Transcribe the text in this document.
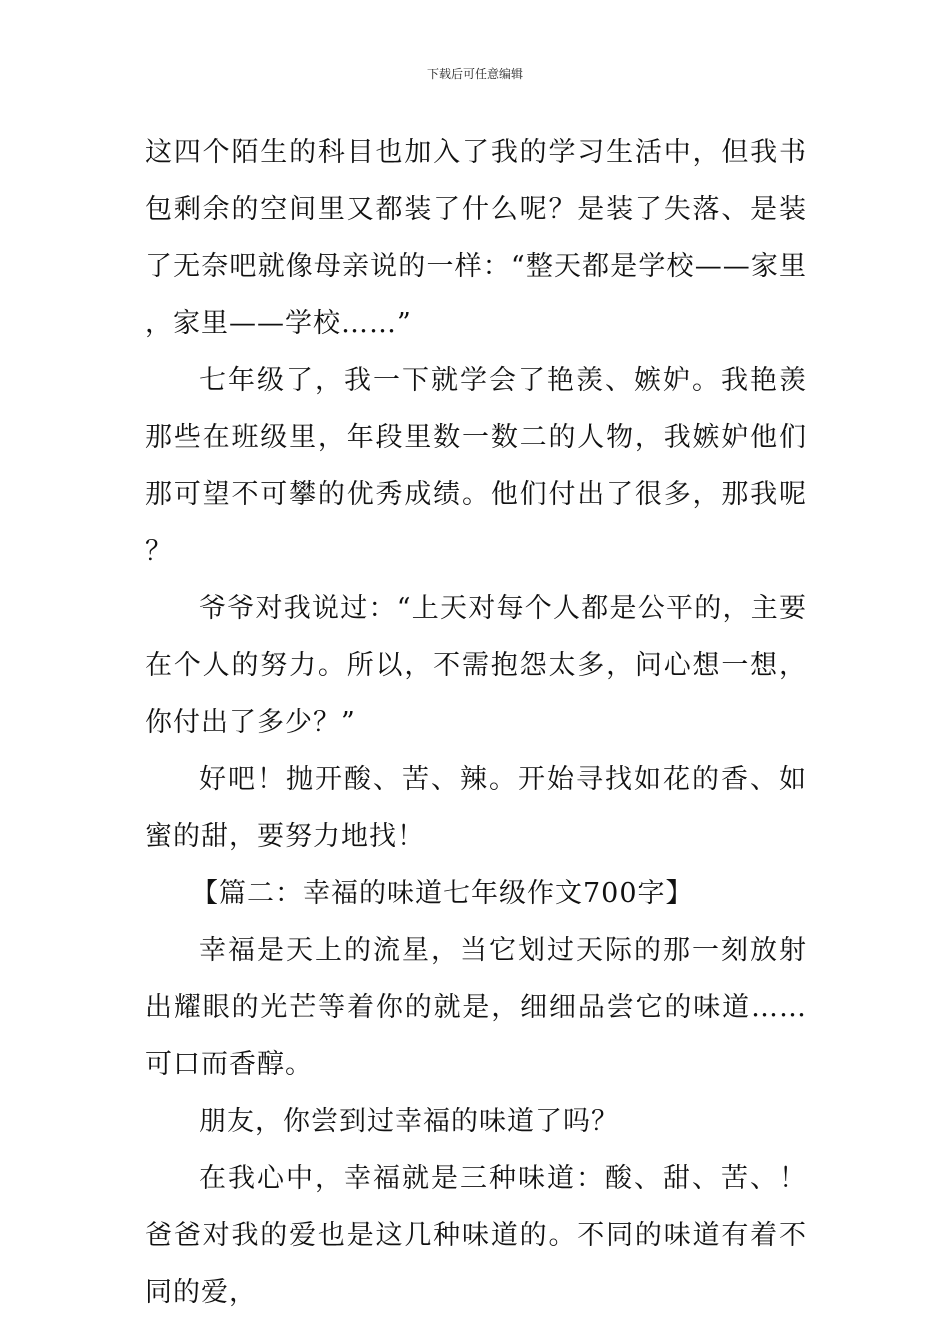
下载后可任意编辑

这四个陌生的科目也加入了我的学习生活中，但我书包剩余的空间里又都装了什么呢？是装了失落、是装了无奈吧就像母亲说的一样：“整天都是学校——家里，家里——学校……”

七年级了，我一下就学会了艳羡、嫉妒。我艳羡那些在班级里，年段里数一数二的人物，我嫉妒他们那可望不可攀的优秀成绩。他们付出了很多，那我呢？

爷爷对我说过：“上天对每个人都是公平的，主要在个人的努力。所以，不需抱怨太多，问心想一想，你付出了多少？”

好吧！抛开酸、苦、辣。开始寻找如花的香、如蜜的甜，要努力地找！

【篇二：幸福的味道七年级作文700字】

幸福是天上的流星，当它划过天际的那一刻放射出耀眼的光芒等着你的就是，细细品尝它的味道……可口而香醇。

朋友，你尝到过幸福的味道了吗？

在我心中，幸福就是三种味道：酸、甜、苦、！爸爸对我的爱也是这几种味道的。不同的味道有着不同的爱，
